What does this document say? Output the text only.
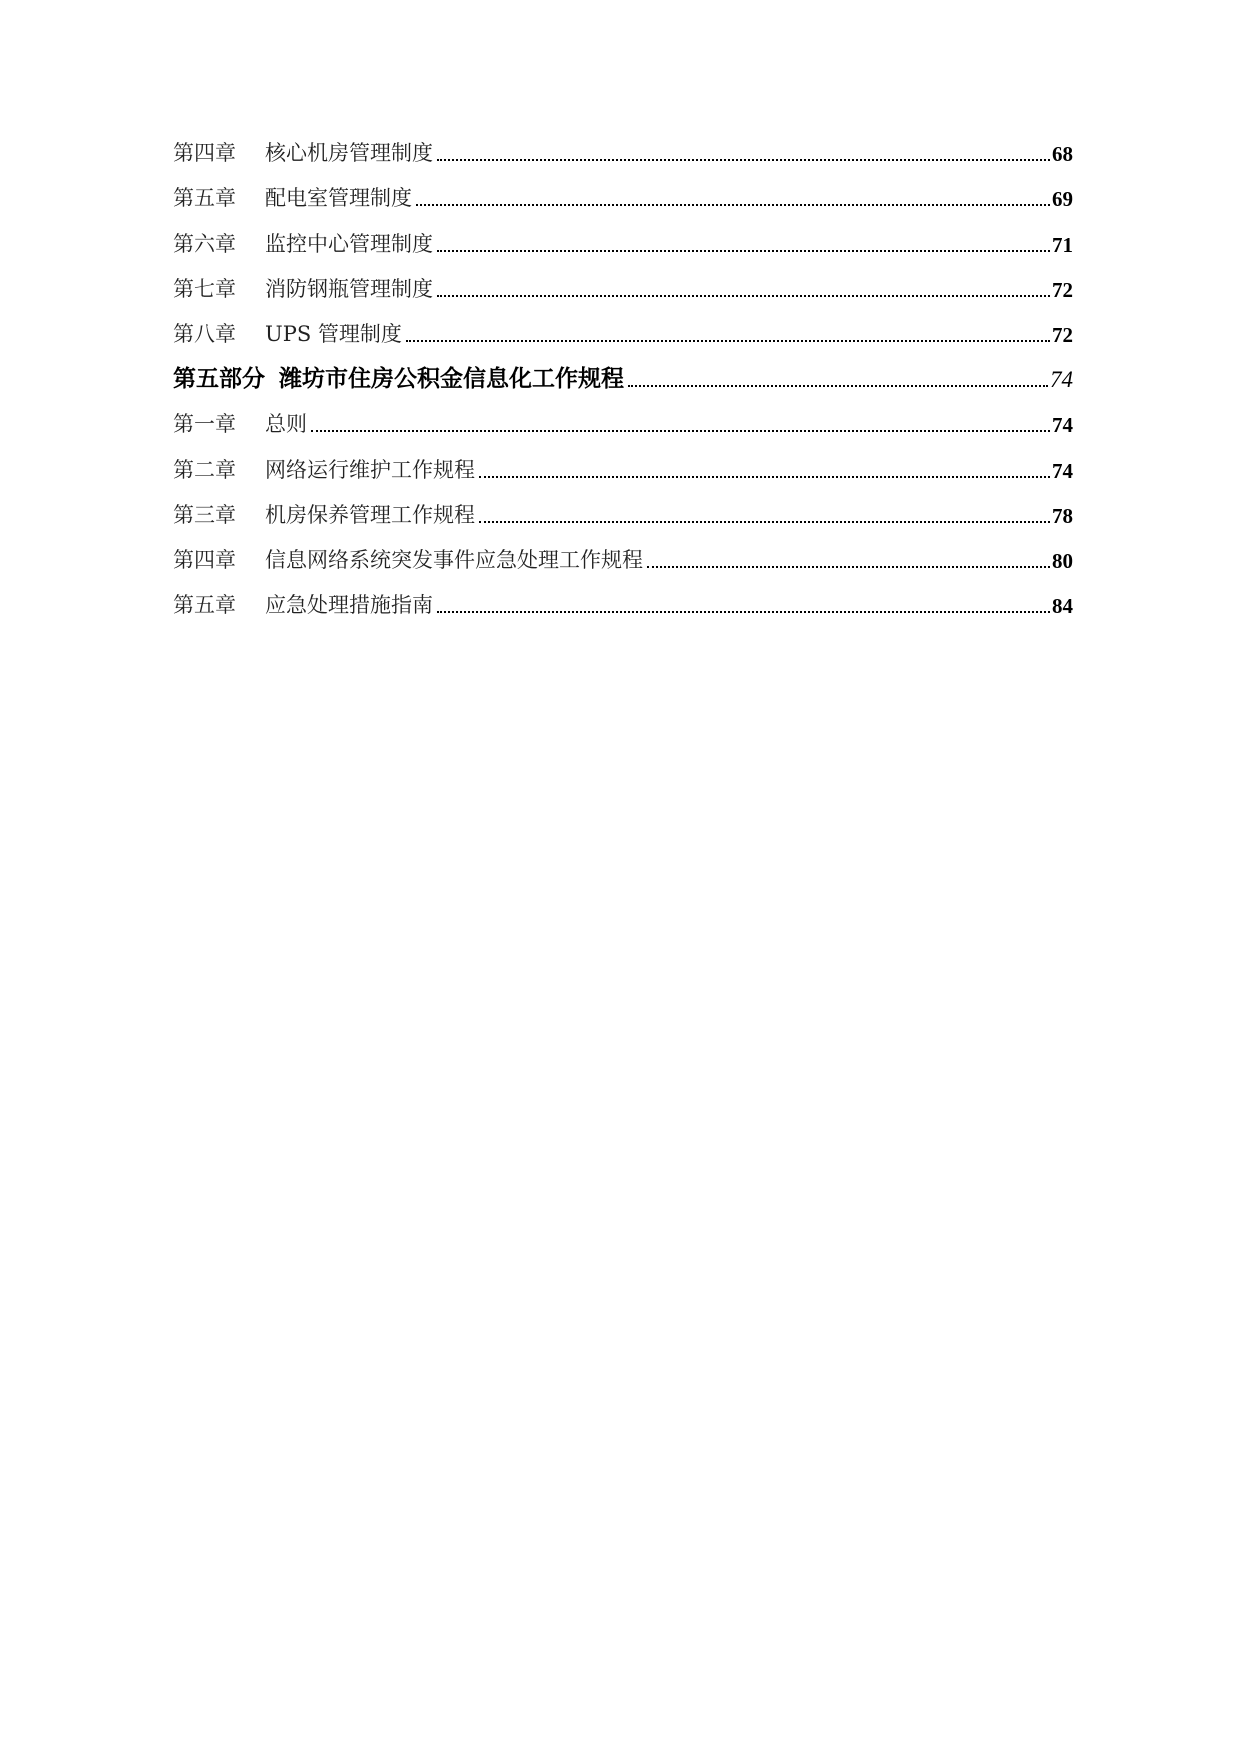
第四章 核心机房管理制度	68
第五章 配电室管理制度	69
第六章 监控中心管理制度	71
第七章 消防钢瓶管理制度	72
第八章 UPS 管理制度	72
第五部分 潍坊市住房公积金信息化工作规程	74
第一章 总则	74
第二章 网络运行维护工作规程	74
第三章 机房保养管理工作规程	78
第四章 信息网络系统突发事件应急处理工作规程	80
第五章 应急处理措施指南	84
